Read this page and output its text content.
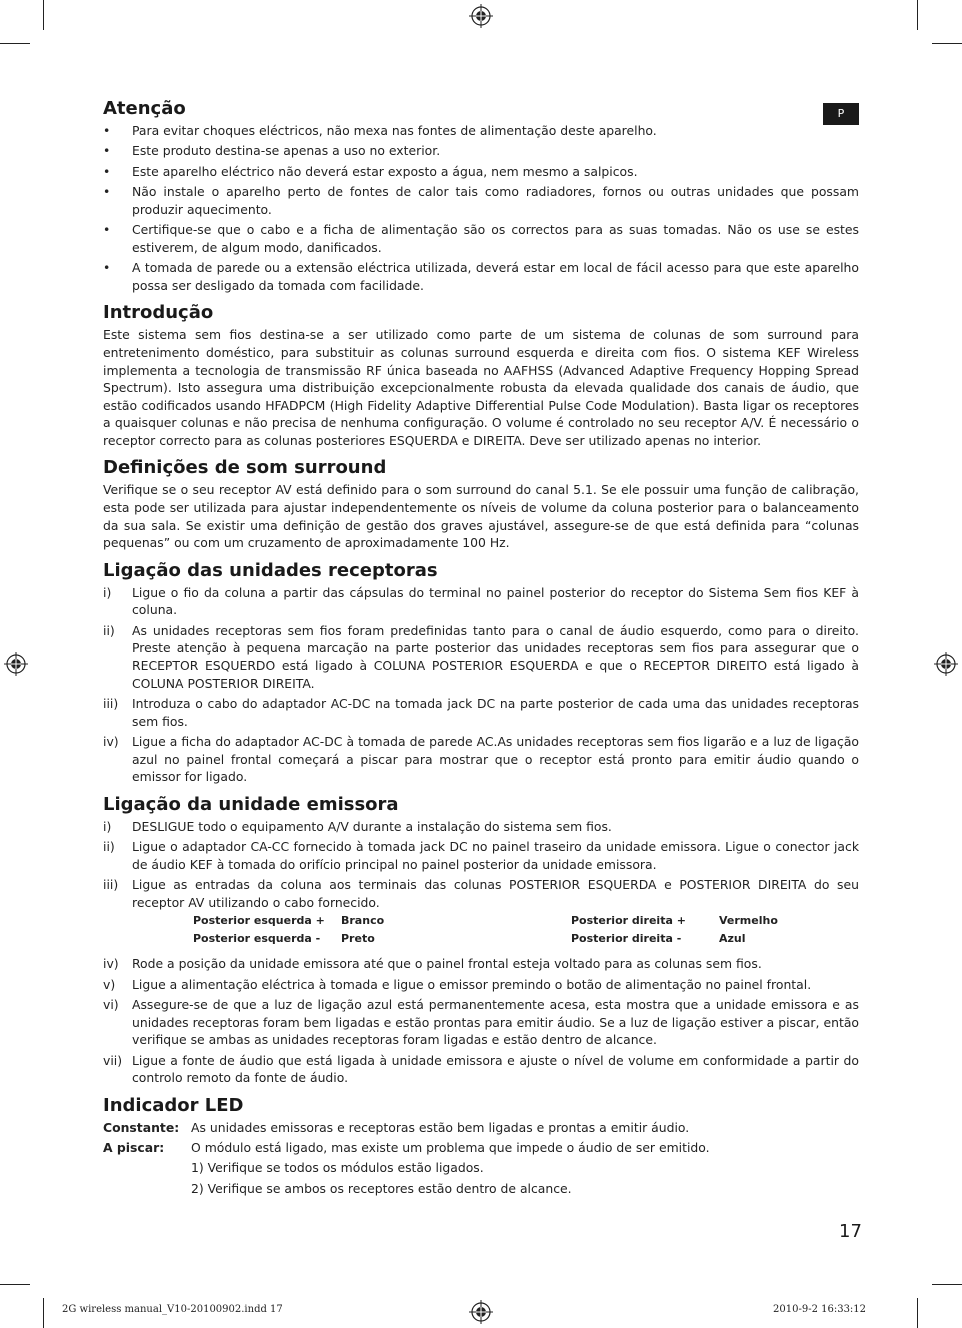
P
Atenção
• Para evitar choques eléctricos, não mexa nas fontes de alimentação deste aparelho.
• Este produto destina-se apenas a uso no exterior.
• Este aparelho eléctrico não deverá estar exposto a água, nem mesmo a salpicos.
• Não instale o aparelho perto de fontes de calor tais como radiadores, fornos ou outras unidades que possam produzir aquecimento.
• Certifique-se que o cabo e a ficha de alimentação são os correctos para as suas tomadas. Não os use se estes estiverem, de algum modo, danificados.
• A tomada de parede ou a extensão eléctrica utilizada, deverá estar em local de fácil acesso para que este aparelho possa ser desligado da tomada com facilidade.
Introdução

Este sistema sem fios destina-se a ser utilizado como parte de um sistema de colunas de som surround para entretenimento doméstico, para substituir as colunas surround esquerda e direita com fios. O sistema KEF Wireless implementa a tecnologia de transmissão RF única baseada no AAFHSS (Advanced Adaptive Frequency Hopping Spread Spectrum). Isto assegura uma distribuição excepcionalmente robusta da elevada qualidade dos canais de áudio, que estão codificados usando HFADPCM (High Fidelity Adaptive Differential Pulse Code Modulation). Basta ligar os receptores a quaisquer colunas e não precisa de nenhuma configuração. O volume é controlado no seu receptor A/V. É necessário o receptor correcto para as colunas posteriores ESQUERDA e DIREITA. Deve ser utilizado apenas no interior.

Definições de som surround

Verifique se o seu receptor AV está definido para o som surround do canal 5.1. Se ele possuir uma função de calibração, esta pode ser utilizada para ajustar independentemente os níveis de volume da coluna posterior para o balanceamento da sua sala. Se existir uma definição de gestão dos graves ajustável, assegure-se de que está definida para “colunas pequenas” ou com um cruzamento de aproximadamente 100 Hz.

Ligação das unidades receptoras
i) Ligue o fio da coluna a partir das cápsulas do terminal no painel posterior do receptor do Sistema Sem fios KEF à coluna.
ii) As unidades receptoras sem fios foram predefinidas tanto para o canal de áudio esquerdo, como para o direito. Preste atenção à pequena marcação na parte posterior das unidades receptoras sem fios para assegurar que o RECEPTOR ESQUERDO está ligado à COLUNA POSTERIOR ESQUERDA e que o RECEPTOR DIREITO está ligado à COLUNA POSTERIOR DIREITA.
iii) Introduza o cabo do adaptador AC-DC na tomada jack DC na parte posterior de cada uma das unidades receptoras sem fios.
iv) Ligue a ficha do adaptador AC-DC à tomada de parede AC.As unidades receptoras sem fios ligarão e a luz de ligação azul no painel frontal começará a piscar para mostrar que o receptor está pronto para emitir áudio quando o emissor for ligado.
Ligação da unidade emissora
i) DESLIGUE todo o equipamento A/V durante a instalação do sistema sem fios.
ii) Ligue o adaptador CA-CC fornecido à tomada jack DC no painel traseiro da unidade emissora. Ligue o conector jack de áudio KEF à tomada do orifício principal no painel posterior da unidade emissora.
iii) Ligue as entradas da coluna aos terminais das colunas POSTERIOR ESQUERDA e POSTERIOR DIREITA do seu receptor AV utilizando o cabo fornecido.
Posterior esquerda +	Branco	Posterior direita +	Vermelho
Posterior esquerda -	Preto	Posterior direita -	Azul
iv) Rode a posição da unidade emissora até que o painel frontal esteja voltado para as colunas sem fios.
v) Ligue a alimentação eléctrica à tomada e ligue o emissor premindo o botão de alimentação no painel frontal.
vi) Assegure-se de que a luz de ligação azul está permanentemente acesa, esta mostra que a unidade emissora e as unidades receptoras foram bem ligadas e estão prontas para emitir áudio. Se a luz de ligação estiver a piscar, então verifique se ambas as unidades receptoras foram ligadas e estão dentro de alcance.
vii) Ligue a fonte de áudio que está ligada à unidade emissora e ajuste o nível de volume em conformidade a partir do controlo remoto da fonte de áudio.
Indicador LED
Constante: As unidades emissoras e receptoras estão bem ligadas e prontas a emitir áudio.
A piscar: O módulo está ligado, mas existe um problema que impede o áudio de ser emitido.
1) Verifique se todos os módulos estão ligados.
2) Verifique se ambos os receptores estão dentro de alcance.
17
2G wireless manual_V10-20100902.indd 17	2010-9-2 16:33:12
